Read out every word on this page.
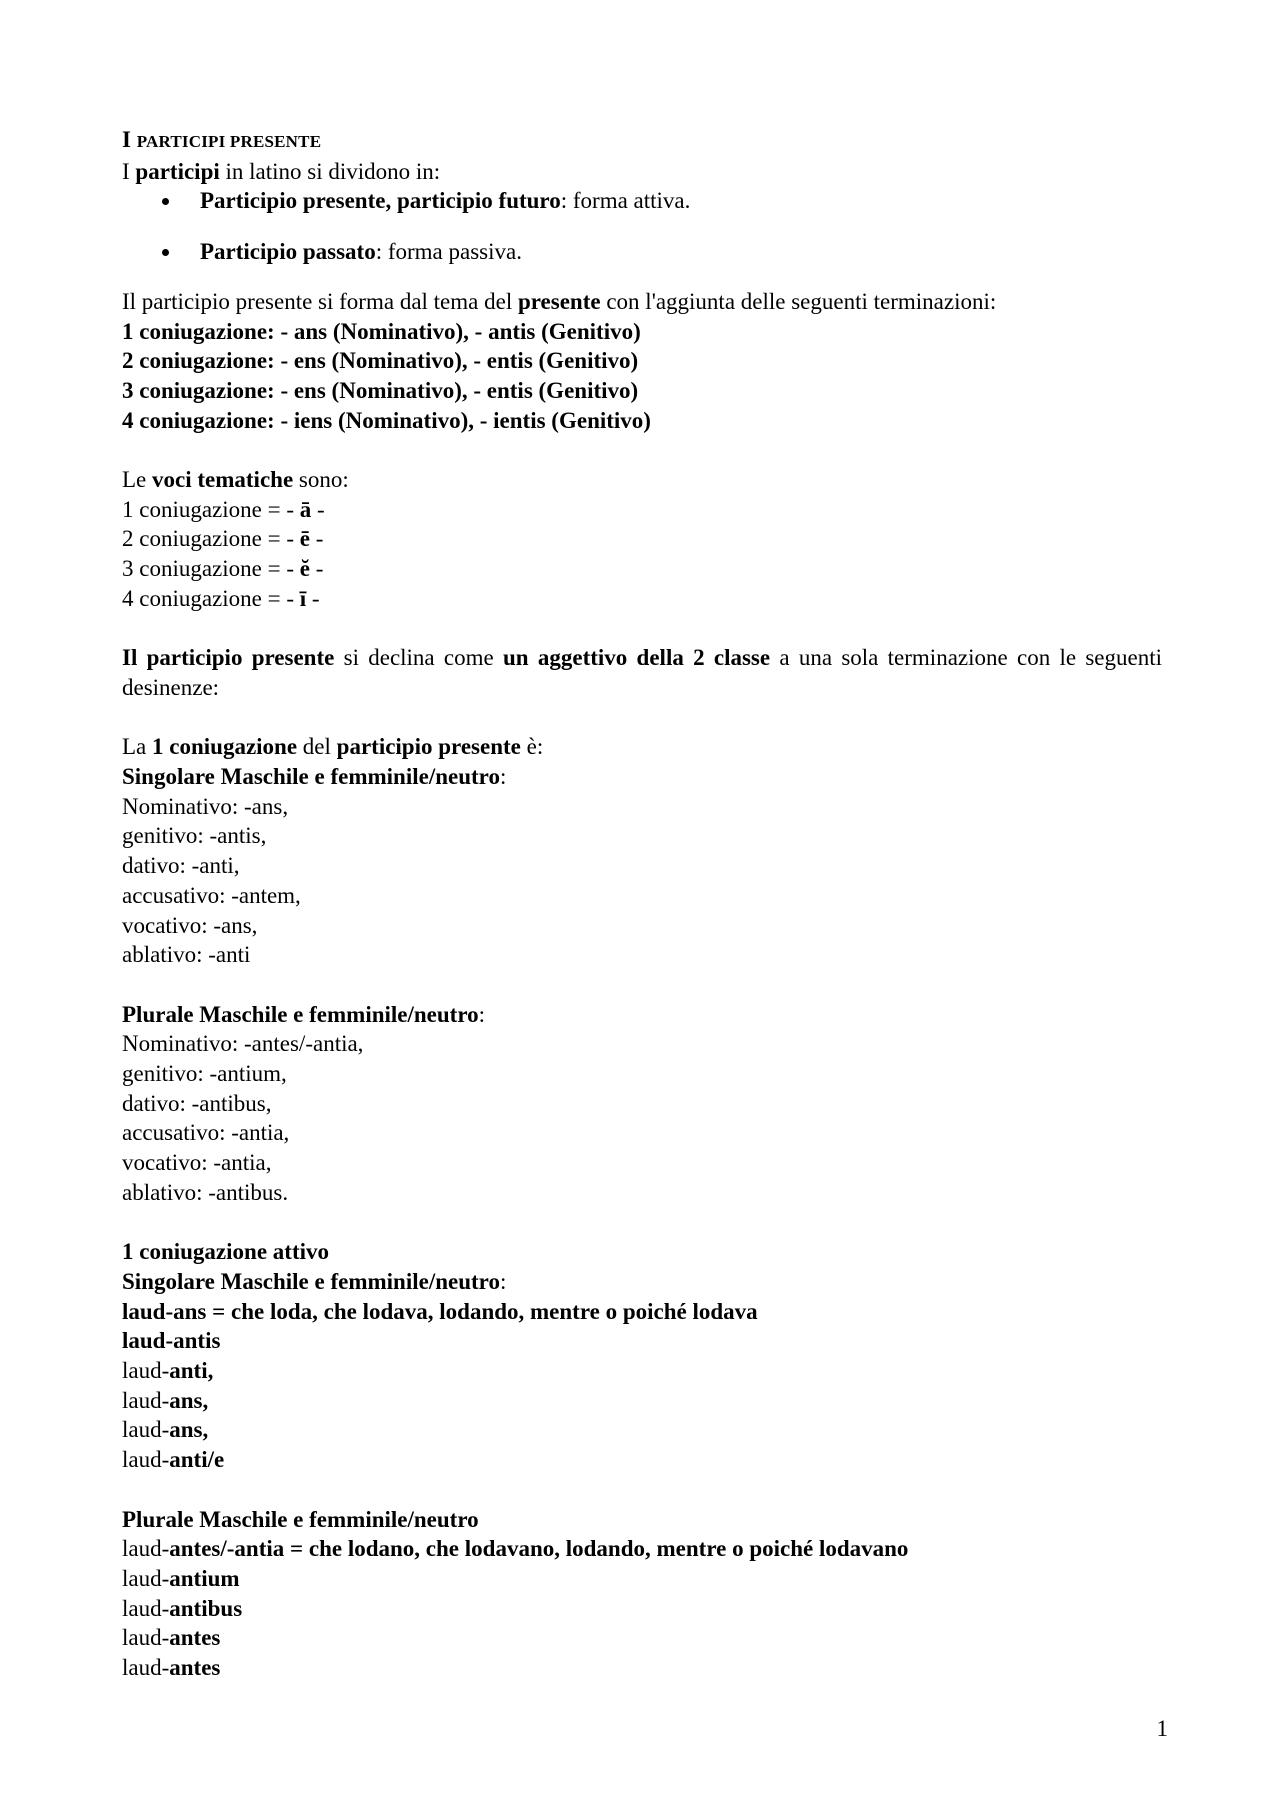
I PARTICIPI PRESENTE
I participi in latino si dividono in:
Participio presente, participio futuro: forma attiva.
Participio passato: forma passiva.
Il participio presente si forma dal tema del presente con l'aggiunta delle seguenti terminazioni:
1 coniugazione: - ans (Nominativo), - antis (Genitivo)
2 coniugazione: - ens (Nominativo), - entis (Genitivo)
3 coniugazione: - ens (Nominativo), - entis (Genitivo)
4 coniugazione: - iens (Nominativo), - ientis (Genitivo)
Le voci tematiche sono:
1 coniugazione = - ā -
2 coniugazione = - ē -
3 coniugazione = - ĕ -
4 coniugazione = - ī -
Il participio presente si declina come un aggettivo della 2 classe a una sola terminazione con le seguenti desinenze:
La 1 coniugazione del participio presente è:
Singolare Maschile e femminile/neutro:
Nominativo: -ans,
genitivo: -antis,
dativo: -anti,
accusativo: -antem,
vocativo: -ans,
ablativo: -anti
Plurale Maschile e femminile/neutro:
Nominativo: -antes/-antia,
genitivo: -antium,
dativo: -antibus,
accusativo: -antia,
vocativo: -antia,
ablativo: -antibus.
1 coniugazione attivo
Singolare Maschile e femminile/neutro:
laud-ans = che loda, che lodava, lodando, mentre o poiché lodava
laud-antis
laud-anti,
laud-ans,
laud-ans,
laud-anti/e
Plurale Maschile e femminile/neutro
laud-antes/-antia = che lodano, che lodavano, lodando, mentre o poiché lodavano
laud-antium
laud-antibus
laud-antes
laud-antes
1
